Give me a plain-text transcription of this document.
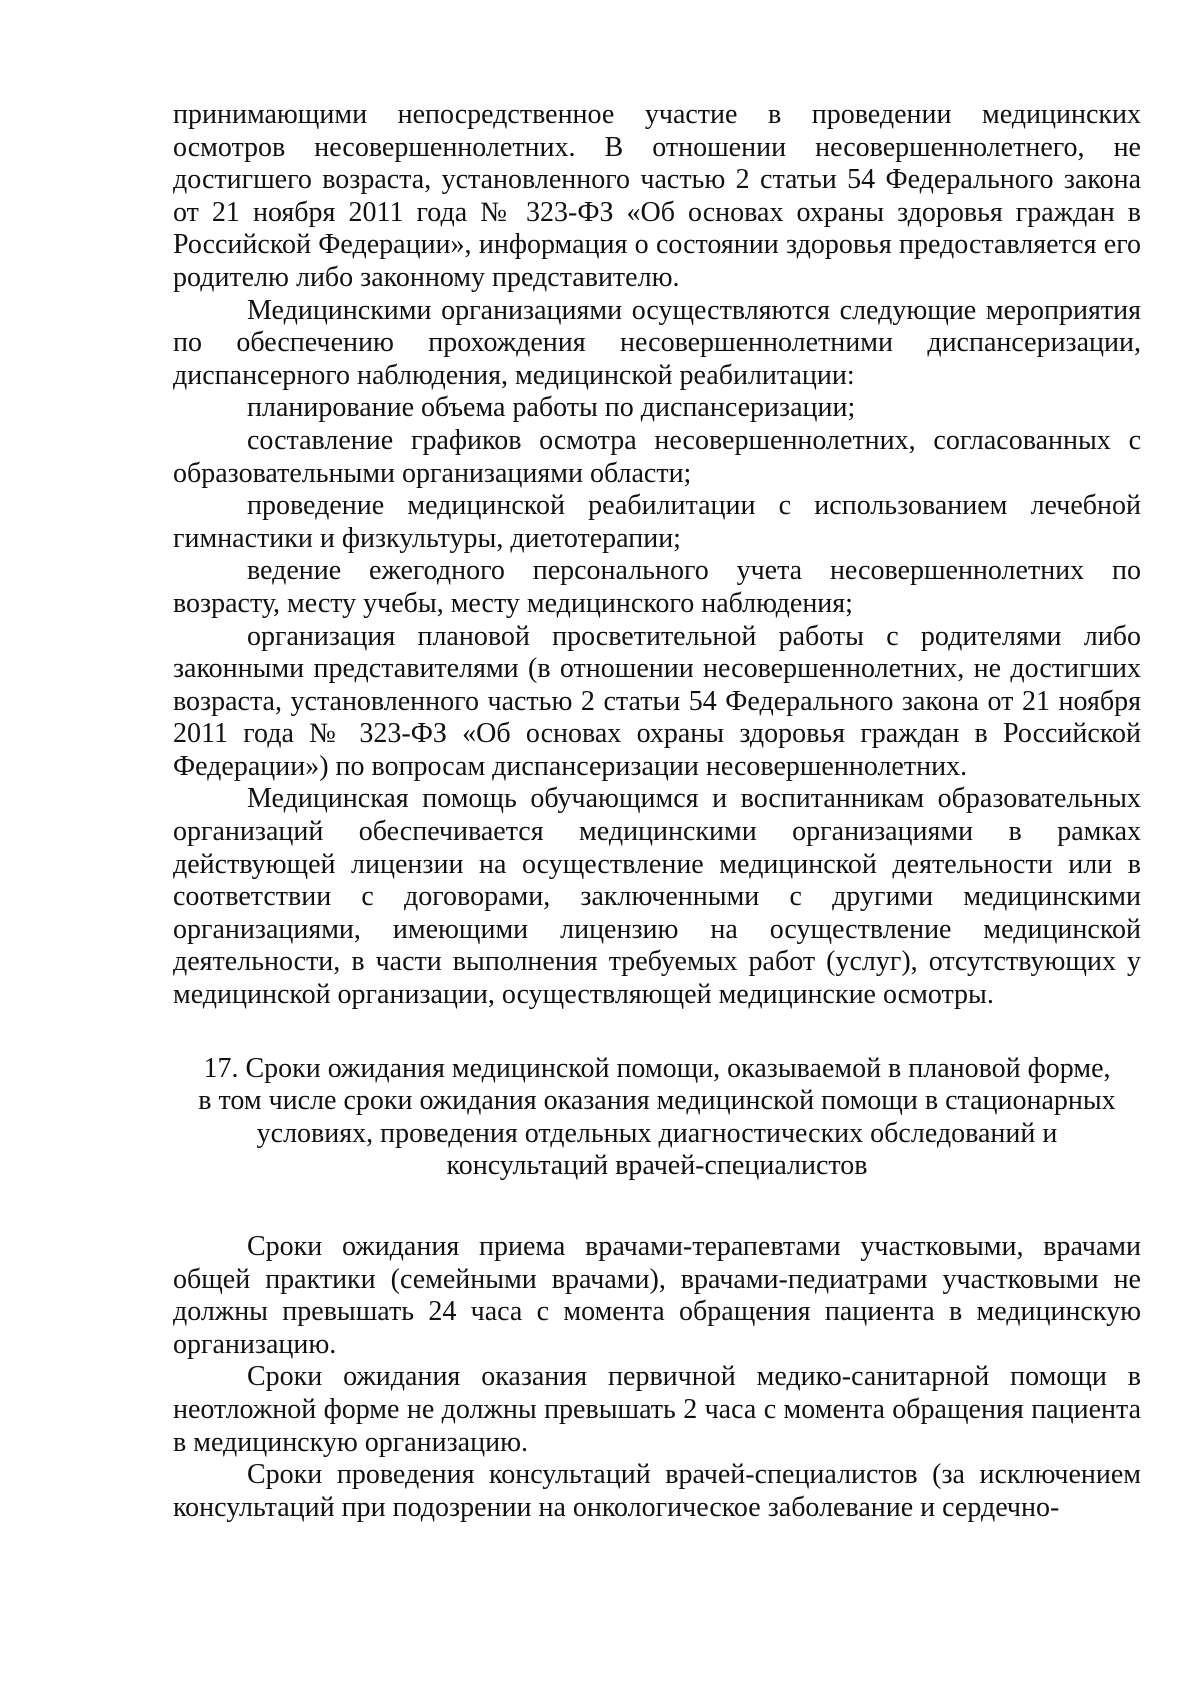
принимающими непосредственное участие в проведении медицинских осмотров несовершеннолетних. В отношении несовершеннолетнего, не достигшего возраста, установленного частью 2 статьи 54 Федерального закона от 21 ноября 2011 года № 323-ФЗ «Об основах охраны здоровья граждан в Российской Федерации», информация о состоянии здоровья предоставляется его родителю либо законному представителю.

Медицинскими организациями осуществляются следующие мероприятия по обеспечению прохождения несовершеннолетними диспансеризации, диспансерного наблюдения, медицинской реабилитации:

планирование объема работы по диспансеризации;

составление графиков осмотра несовершеннолетних, согласованных с образовательными организациями области;

проведение медицинской реабилитации с использованием лечебной гимнастики и физкультуры, диетотерапии;

ведение ежегодного персонального учета несовершеннолетних по возрасту, месту учебы, месту медицинского наблюдения;

организация плановой просветительной работы с родителями либо законными представителями (в отношении несовершеннолетних, не достигших возраста, установленного частью 2 статьи 54 Федерального закона от 21 ноября 2011 года № 323-ФЗ «Об основах охраны здоровья граждан в Российской Федерации») по вопросам диспансеризации несовершеннолетних.

Медицинская помощь обучающимся и воспитанникам образовательных организаций обеспечивается медицинскими организациями в рамках действующей лицензии на осуществление медицинской деятельности или в соответствии с договорами, заключенными с другими медицинскими организациями, имеющими лицензию на осуществление медицинской деятельности, в части выполнения требуемых работ (услуг), отсутствующих у медицинской организации, осуществляющей медицинские осмотры.

17. Сроки ожидания медицинской помощи, оказываемой в плановой форме,
в том числе сроки ожидания оказания медицинской помощи в стационарных
условиях, проведения отдельных диагностических обследований и
консультаций врачей-специалистов

Сроки ожидания приема врачами-терапевтами участковыми, врачами общей практики (семейными врачами), врачами-педиатрами участковыми не должны превышать 24 часа с момента обращения пациента в медицинскую организацию.

Сроки ожидания оказания первичной медико-санитарной помощи в неотложной форме не должны превышать 2 часа с момента обращения пациента в медицинскую организацию.

Сроки проведения консультаций врачей-специалистов (за исключением консультаций при подозрении на онкологическое заболевание и сердечно-
